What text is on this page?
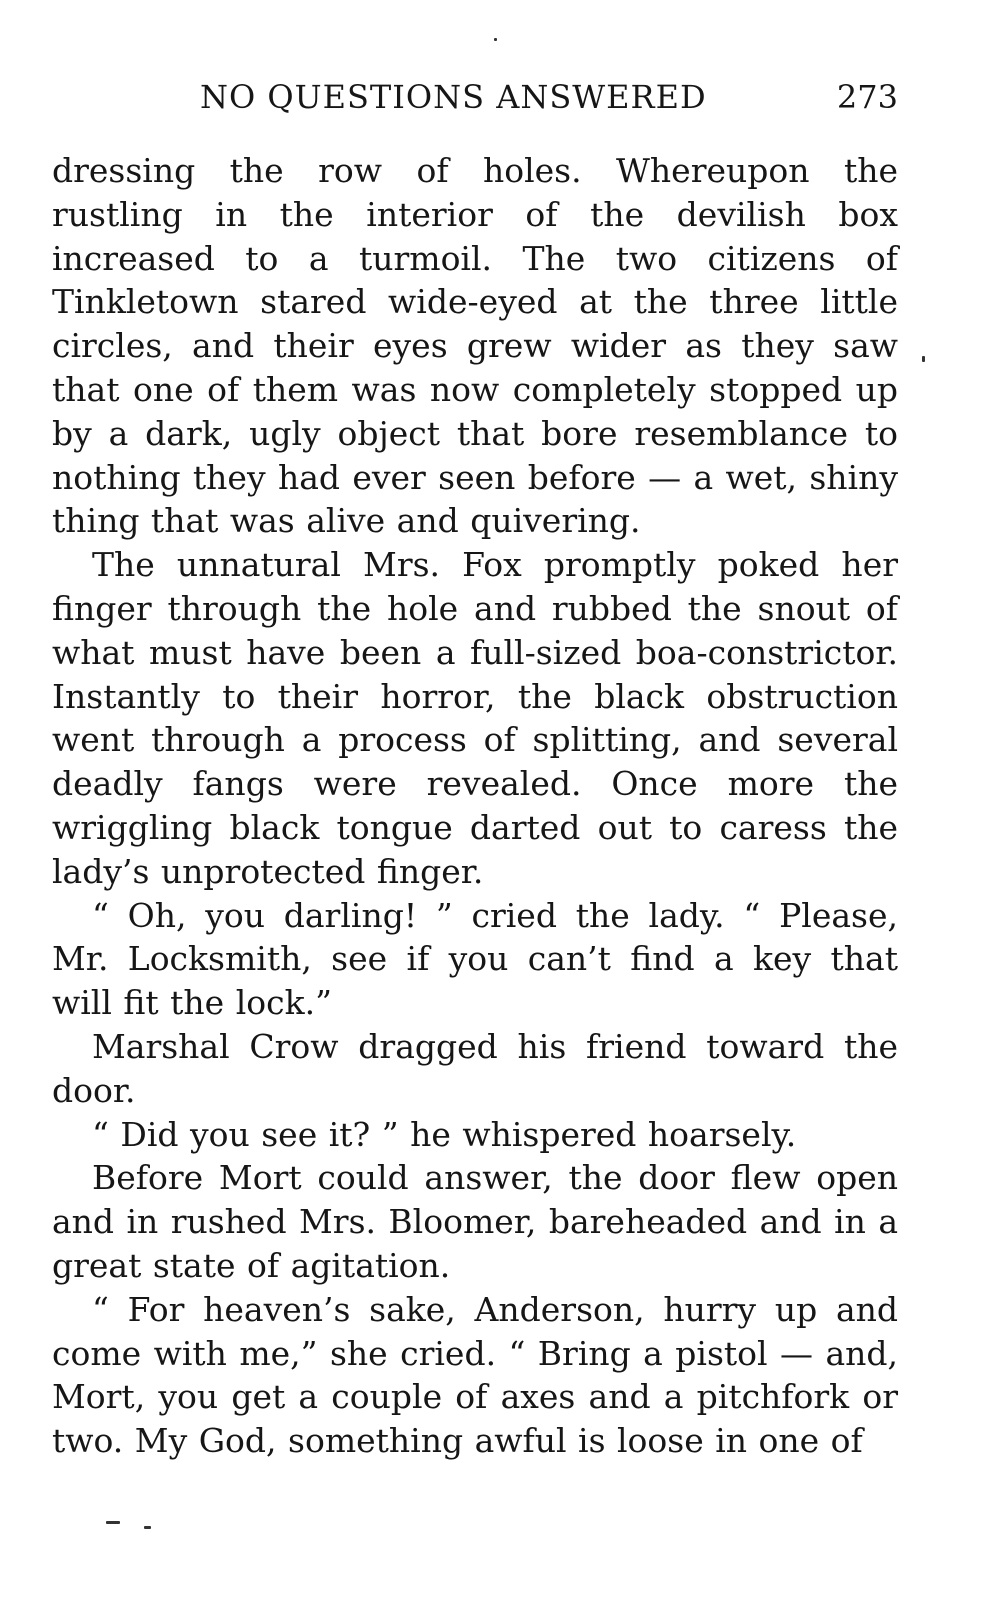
NO QUESTIONS ANSWERED	273

dressing the row of holes. Whereupon the rustling in the interior of the devilish box increased to a turmoil. The two citizens of Tinkletown stared wide-eyed at the three little circles, and their eyes grew wider as they saw that one of them was now completely stopped up by a dark, ugly object that bore resemblance to nothing they had ever seen before — a wet, shiny thing that was alive and quivering.

The unnatural Mrs. Fox promptly poked her finger through the hole and rubbed the snout of what must have been a full-sized boa-constrictor. Instantly to their horror, the black obstruction went through a process of splitting, and several deadly fangs were revealed. Once more the wriggling black tongue darted out to caress the lady’s unprotected finger.

“ Oh, you darling! ” cried the lady. “ Please, Mr. Locksmith, see if you can’t find a key that will fit the lock.”

Marshal Crow dragged his friend toward the door.

“ Did you see it? ” he whispered hoarsely.

Before Mort could answer, the door flew open and in rushed Mrs. Bloomer, bareheaded and in a great state of agitation.

“ For heaven’s sake, Anderson, hurry up and come with me,” she cried. “ Bring a pistol — and, Mort, you get a couple of axes and a pitchfork or two. My God, something awful is loose in one of
